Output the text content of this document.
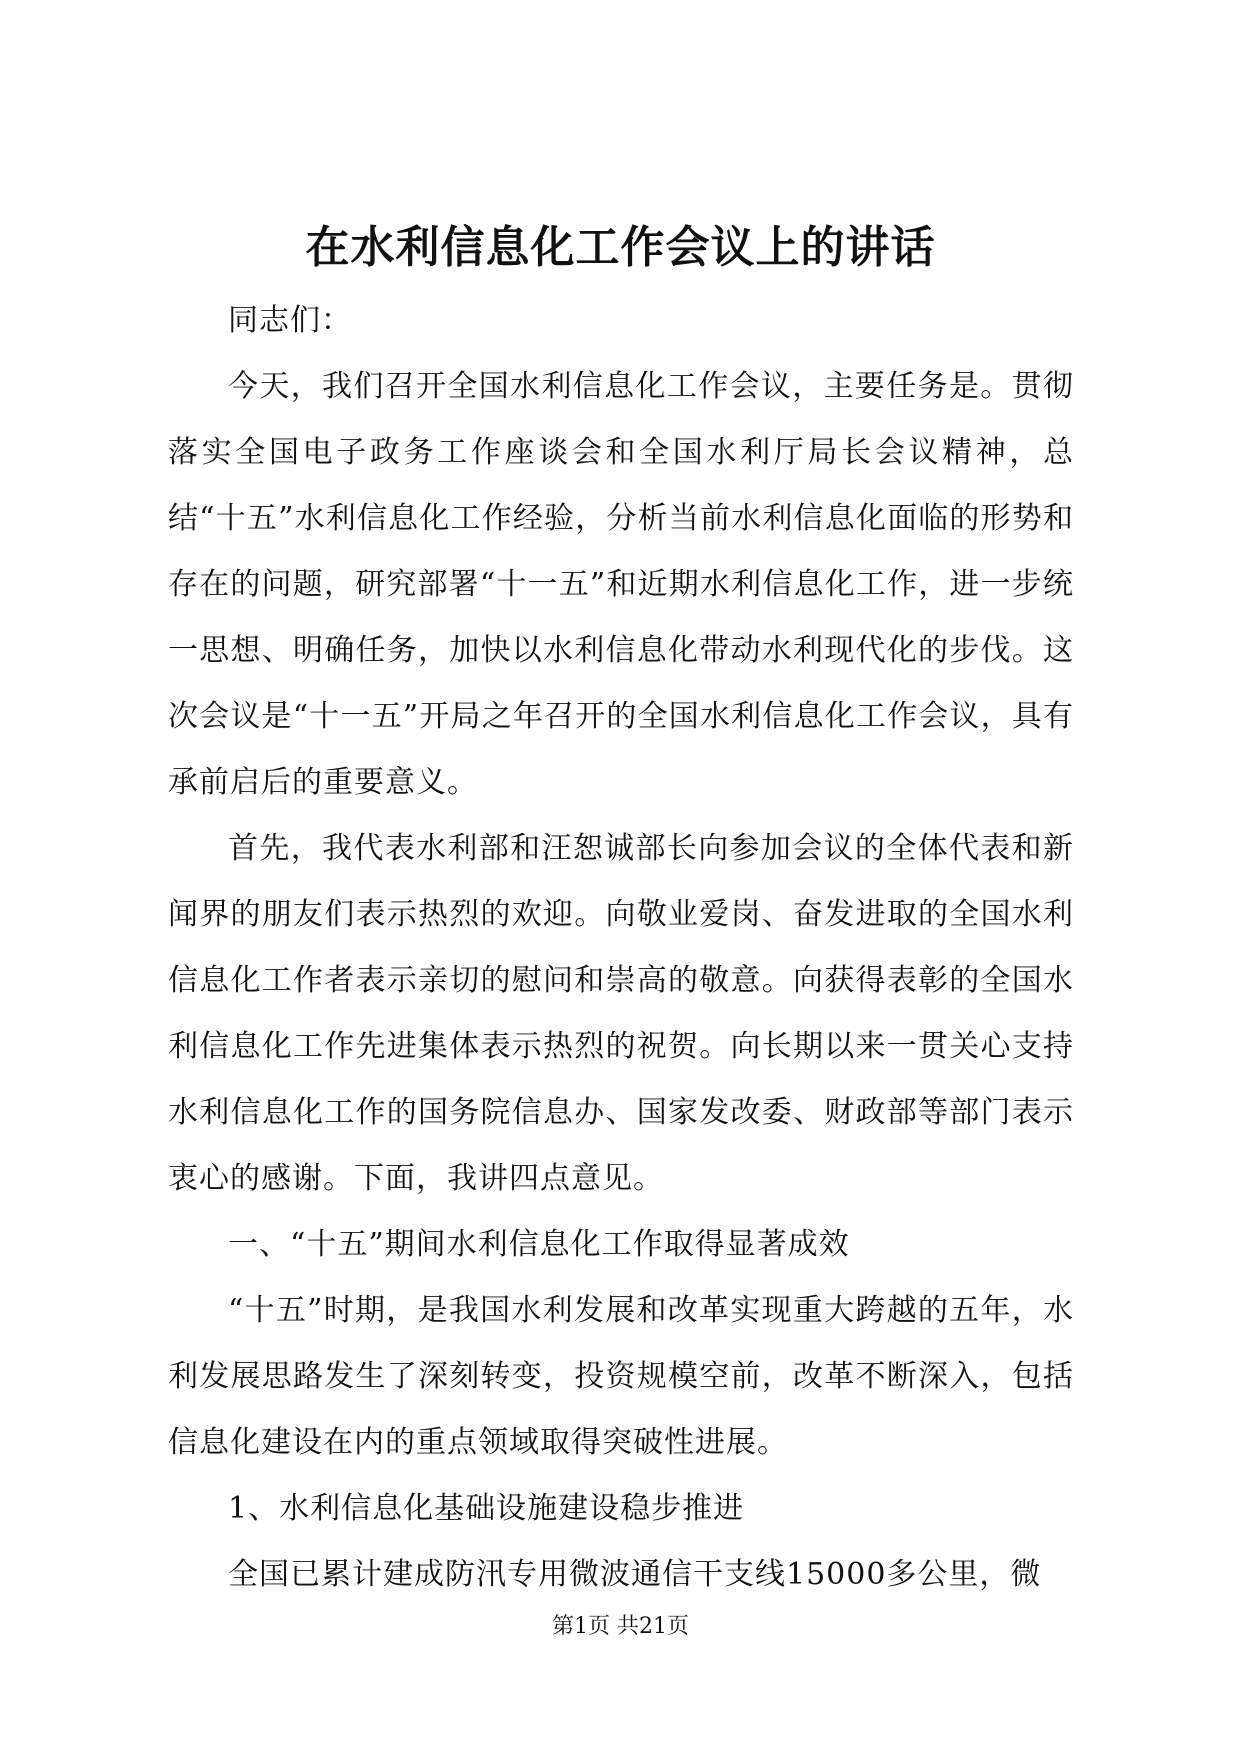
在水利信息化工作会议上的讲话

同志们：

今天，我们召开全国水利信息化工作会议，主要任务是。贯彻落实全国电子政务工作座谈会和全国水利厅局长会议精神，总结“十五”水利信息化工作经验，分析当前水利信息化面临的形势和存在的问题，研究部署“十一五”和近期水利信息化工作，进一步统一思想、明确任务，加快以水利信息化带动水利现代化的步伐。这次会议是“十一五”开局之年召开的全国水利信息化工作会议，具有承前启后的重要意义。

首先，我代表水利部和汪恕诚部长向参加会议的全体代表和新闻界的朋友们表示热烈的欢迎。向敬业爱岗、奋发进取的全国水利信息化工作者表示亲切的慰问和崇高的敬意。向获得表彰的全国水利信息化工作先进集体表示热烈的祝贺。向长期以来一贯关心支持水利信息化工作的国务院信息办、国家发改委、财政部等部门表示衷心的感谢。下面，我讲四点意见。

一、“十五”期间水利信息化工作取得显著成效

“十五”时期，是我国水利发展和改革实现重大跨越的五年，水利发展思路发生了深刻转变，投资规模空前，改革不断深入，包括信息化建设在内的重点领域取得突破性进展。

1、水利信息化基础设施建设稳步推进

全国已累计建成防汛专用微波通信干支线15000多公里，微

第1页 共21页
